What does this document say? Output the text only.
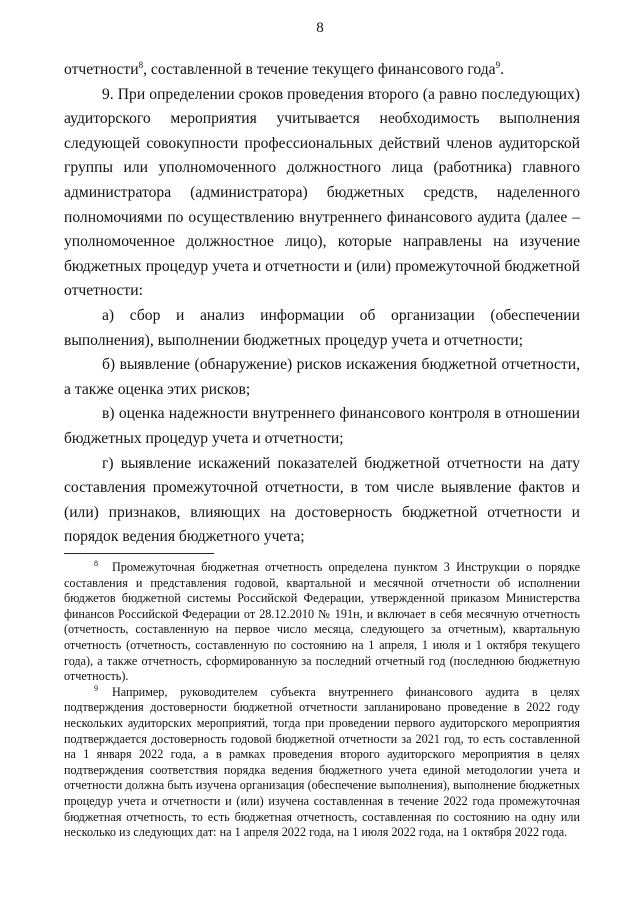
8

отчетности$^8$, составленной в течение текущего финансового года$^9$.

9. При определении сроков проведения второго (а равно последующих) аудиторского мероприятия учитывается необходимость выполнения следующей совокупности профессиональных действий членов аудиторской группы или уполномоченного должностного лица (работника) главного администратора (администратора) бюджетных средств, наделенного полномочиями по осуществлению внутреннего финансового аудита (далее – уполномоченное должностное лицо), которые направлены на изучение бюджетных процедур учета и отчетности и (или) промежуточной бюджетной отчетности:

а) сбор и анализ информации об организации (обеспечении выполнения), выполнении бюджетных процедур учета и отчетности;

б) выявление (обнаружение) рисков искажения бюджетной отчетности, а также оценка этих рисков;

в) оценка надежности внутреннего финансового контроля в отношении бюджетных процедур учета и отчетности;

г) выявление искажений показателей бюджетной отчетности на дату составления промежуточной отчетности, в том числе выявление фактов и (или) признаков, влияющих на достоверность бюджетной отчетности и порядок ведения бюджетного учета;

$^8$ Промежуточная бюджетная отчетность определена пунктом 3 Инструкции о порядке составления и представления годовой, квартальной и месячной отчетности об исполнении бюджетов бюджетной системы Российской Федерации, утвержденной приказом Министерства финансов Российской Федерации от 28.12.2010 № 191н, и включает в себя месячную отчетность (отчетность, составленную на первое число месяца, следующего за отчетным), квартальную отчетность (отчетность, составленную по состоянию на 1 апреля, 1 июля и 1 октября текущего года), а также отчетность, сформированную за последний отчетный год (последнюю бюджетную отчетность).

$^9$ Например, руководителем субъекта внутреннего финансового аудита в целях подтверждения достоверности бюджетной отчетности запланировано проведение в 2022 году нескольких аудиторских мероприятий, тогда при проведении первого аудиторского мероприятия подтверждается достоверность годовой бюджетной отчетности за 2021 год, то есть составленной на 1 января 2022 года, а в рамках проведения второго аудиторского мероприятия в целях подтверждения соответствия порядка ведения бюджетного учета единой методологии учета и отчетности должна быть изучена организация (обеспечение выполнения), выполнение бюджетных процедур учета и отчетности и (или) изучена составленная в течение 2022 года промежуточная бюджетная отчетность, то есть бюджетная отчетность, составленная по состоянию на одну или несколько из следующих дат: на 1 апреля 2022 года, на 1 июля 2022 года, на 1 октября 2022 года.
